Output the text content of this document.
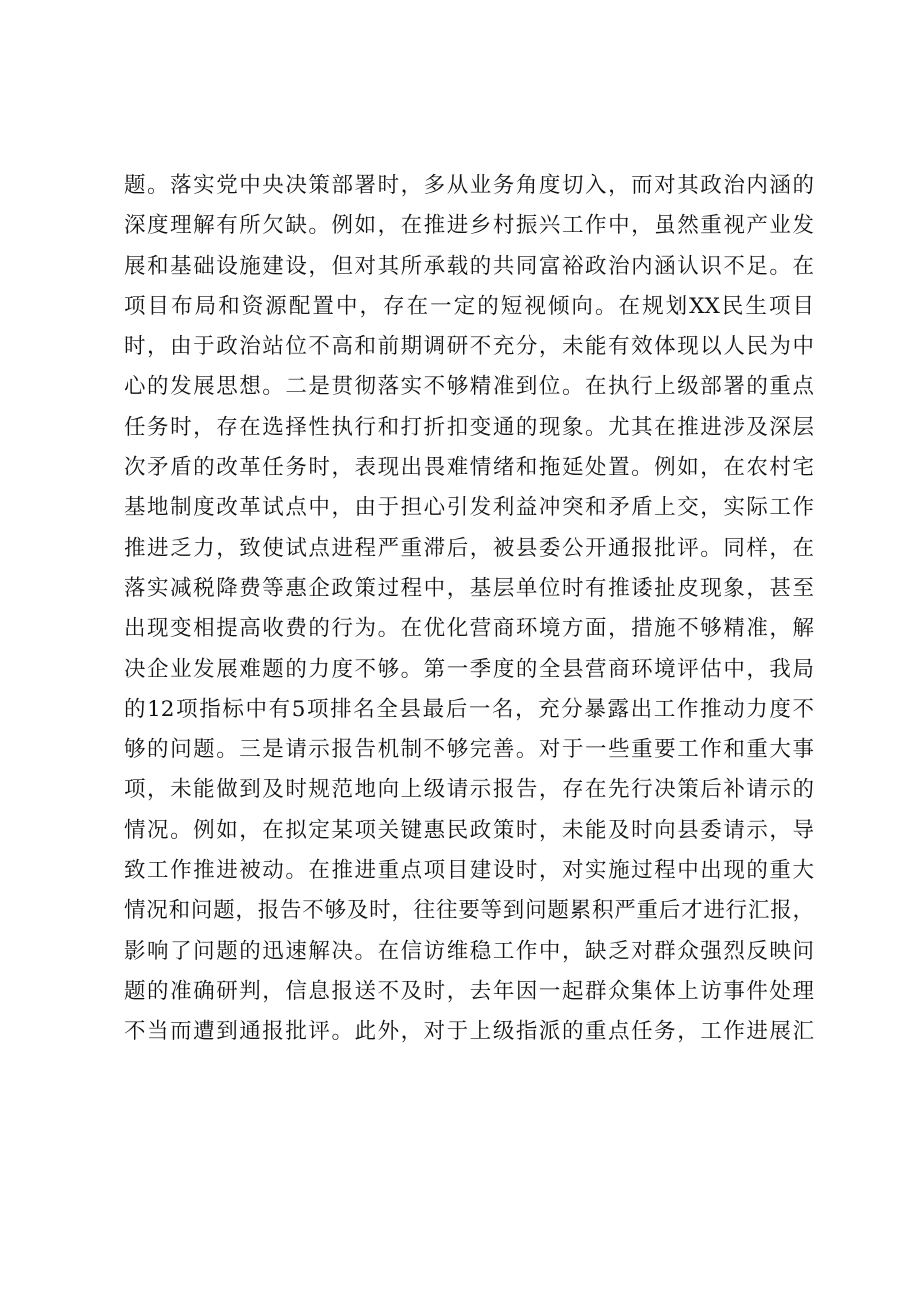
题。落实党中央决策部署时，多从业务角度切入，而对其政治内涵的
深度理解有所欠缺。例如，在推进乡村振兴工作中，虽然重视产业发
展和基础设施建设，但对其所承载的共同富裕政治内涵认识不足。在
项目布局和资源配置中，存在一定的短视倾向。在规划XX民生项目
时，由于政治站位不高和前期调研不充分，未能有效体现以人民为中
心的发展思想。二是贯彻落实不够精准到位。在执行上级部署的重点
任务时，存在选择性执行和打折扣变通的现象。尤其在推进涉及深层
次矛盾的改革任务时，表现出畏难情绪和拖延处置。例如，在农村宅
基地制度改革试点中，由于担心引发利益冲突和矛盾上交，实际工作
推进乏力，致使试点进程严重滞后，被县委公开通报批评。同样，在
落实减税降费等惠企政策过程中，基层单位时有推诿扯皮现象，甚至
出现变相提高收费的行为。在优化营商环境方面，措施不够精准，解
决企业发展难题的力度不够。第一季度的全县营商环境评估中，我局
的12项指标中有5项排名全县最后一名，充分暴露出工作推动力度不
够的问题。三是请示报告机制不够完善。对于一些重要工作和重大事
项，未能做到及时规范地向上级请示报告，存在先行决策后补请示的
情况。例如，在拟定某项关键惠民政策时，未能及时向县委请示，导
致工作推进被动。在推进重点项目建设时，对实施过程中出现的重大
情况和问题，报告不够及时，往往要等到问题累积严重后才进行汇报，
影响了问题的迅速解决。在信访维稳工作中，缺乏对群众强烈反映问
题的准确研判，信息报送不及时，去年因一起群众集体上访事件处理
不当而遭到通报批评。此外，对于上级指派的重点任务，工作进展汇
